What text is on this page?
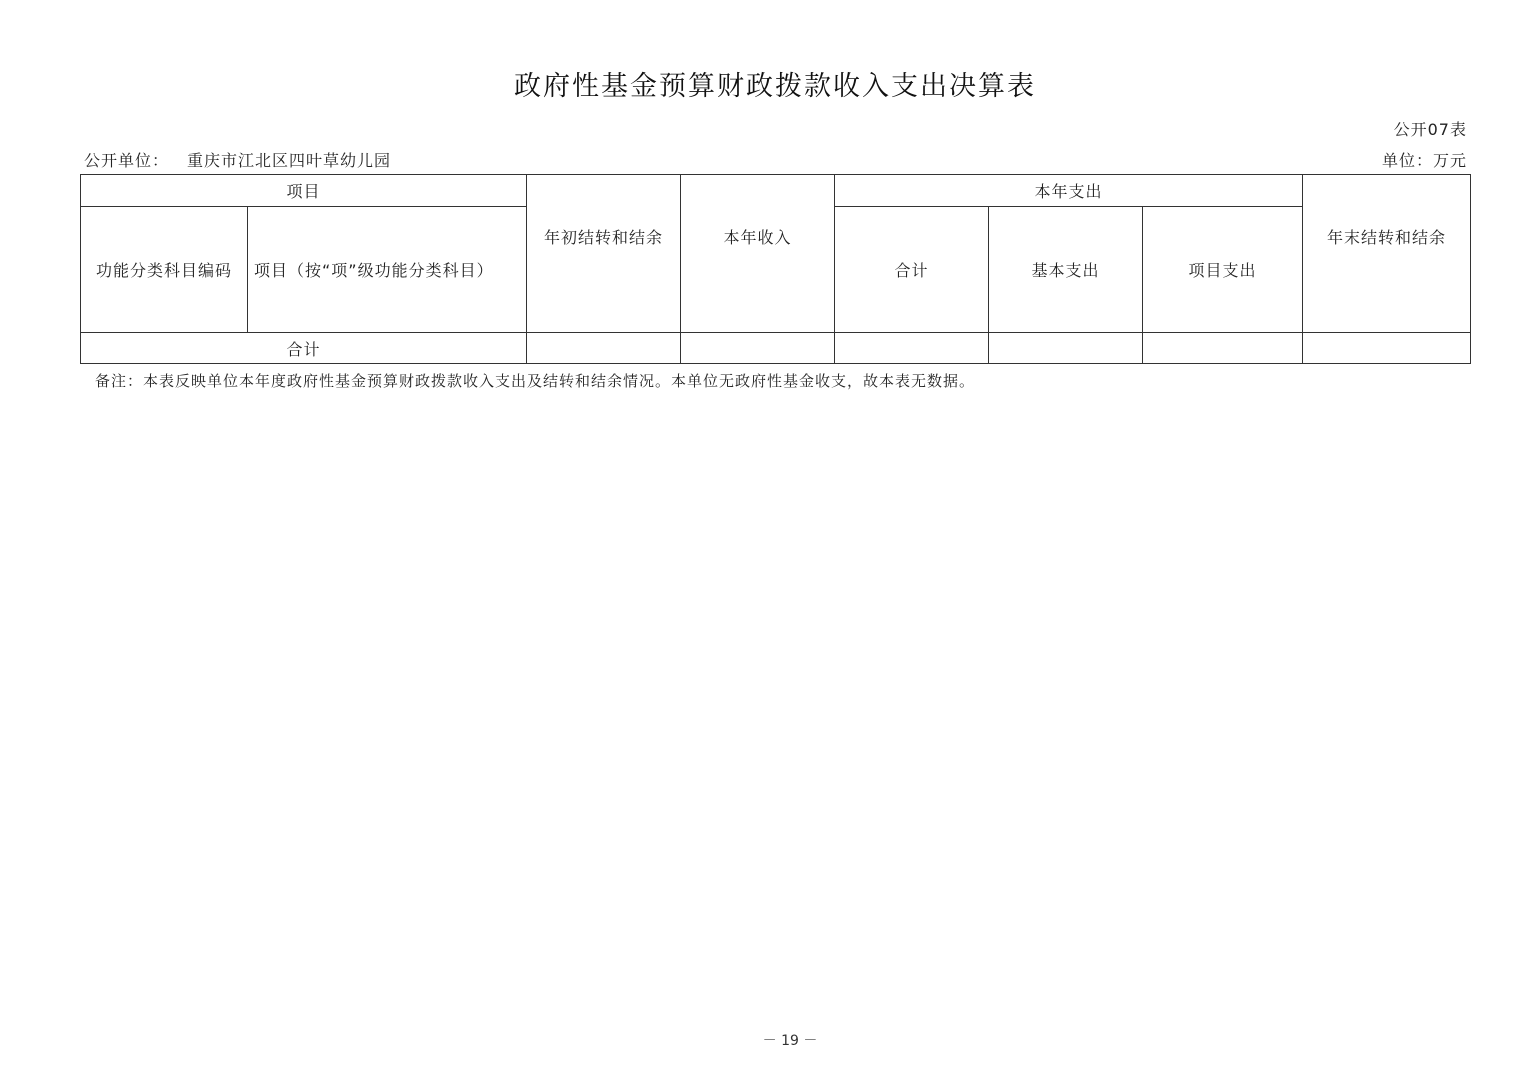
政府性基金预算财政拨款收入支出决算表
公开07表
公开单位： 重庆市江北区四叶草幼儿园	单位：万元
项目		年初结转和结余	本年收入	本年支出			年末结转和结余
功能分类科目编码	项目（按“项”级功能分类科目）			合计	基本支出	项目支出	
合计							
备注：本表反映单位本年度政府性基金预算财政拨款收入支出及结转和结余情况。本单位无政府性基金收支，故本表无数据。
－ 19 －
